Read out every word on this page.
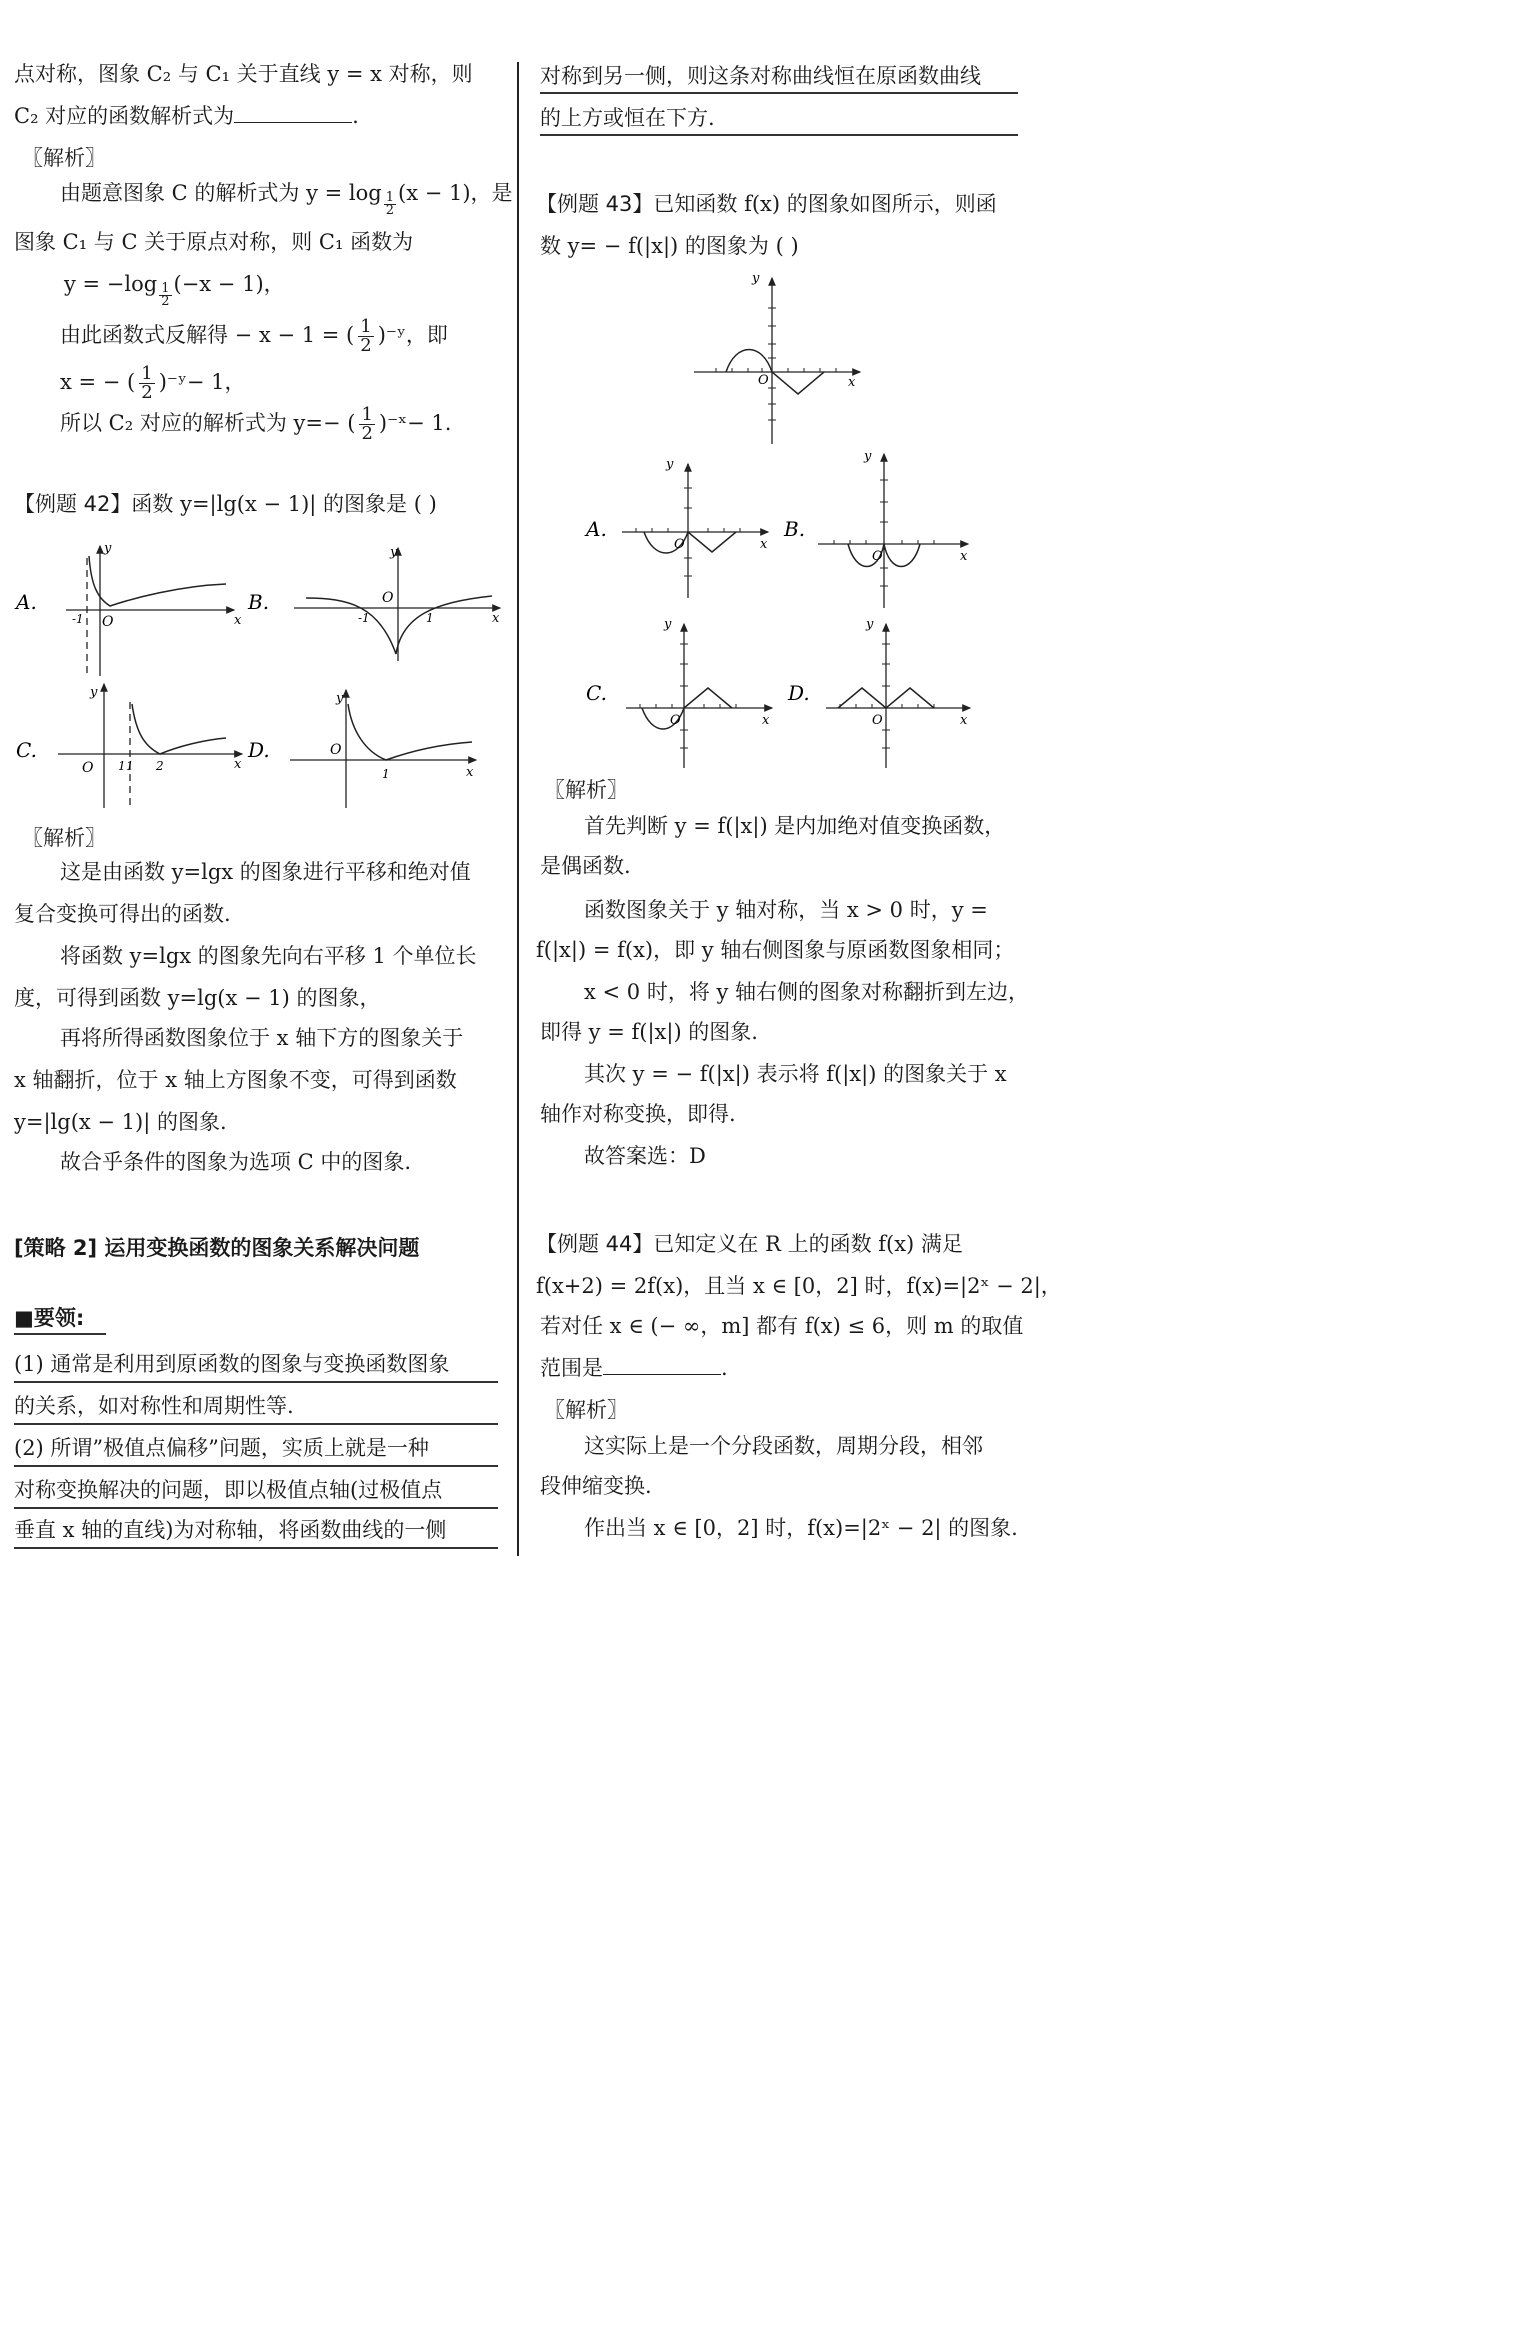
点对称，图象 C₂ 与 C₁ 关于直线 y = x 对称，则
C₂ 对应的函数解析式为	.
〖解析〗
由题意图象 C 的解析式为 $y = \log \frac{1}{2} (x - 1)$，是
图象 C₁ 与 C 关于原点对称，则 C₁ 函数为
$y = -\log \frac{1}{2} (-x - 1)$，
由此函数式反解得 − x − 1 = ( $\frac{1}{2}$ )⁻ʸ，即
x = − ( $\frac{1}{2}$ )⁻ʸ− 1，
所以 C₂ 对应的解析式为 y=− ( $\frac{1}{2}$ )⁻ˣ− 1.
【例题 42】函数 y=|lg(x − 1)| 的图象是 ( )
A.
y
x
O
-1
B.
y
x
O
-1	1
C.
y
x
O 1 1 2
D.
y
x
O
1
〖解析〗
这是由函数 y=lgx 的图象进行平移和绝对值
复合变换可得出的函数.
将函数 y=lgx 的图象先向右平移 1 个单位长
度，可得到函数 y=lg(x − 1) 的图象，
再将所得函数图象位于 x 轴下方的图象关于
x 轴翻折，位于 x 轴上方图象不变，可得到函数
y=|lg(x − 1)| 的图象.
故合乎条件的图象为选项 C 中的图象.
[策略 2] 运用变换函数的图象关系解决问题
■要领:
(1) 通常是利用到原函数的图象与变换函数图象
的关系，如对称性和周期性等.
(2) 所谓”极值点偏移”问题，实质上就是一种
对称变换解决的问题，即以极值点轴(过极值点
垂直 x 轴的直线)为对称轴，将函数曲线的一侧
对称到另一侧，则这条对称曲线恒在原函数曲线
的上方或恒在下方.
【例题 43】已知函数 f(x) 的图象如图所示，则函
数 y= − f(|x|) 的图象为 ( )
y
x
O
A.
y
x
O
B.
y
x
O
C.
y
x
O
D.
y
x
O
〖解析〗
首先判断 y = f(|x|) 是内加绝对值变换函数，
是偶函数.
函数图象关于 y 轴对称，当 x > 0 时，y =
f(|x|) = f(x)，即 y 轴右侧图象与原函数图象相同；
x < 0 时，将 y 轴右侧的图象对称翻折到左边，
即得 y = f(|x|) 的图象.
其次 y = − f(|x|) 表示将 f(|x|) 的图象关于 x
轴作对称变换，即得.
故答案选：D
【例题 44】已知定义在 R 上的函数 f(x) 满足
f(x+2) = 2f(x)，且当 x ∈ [0，2] 时，f(x)=|2ˣ − 2|，
若对任 x ∈ (− ∞，m] 都有 f(x) ≤ 6，则 m 的取值
范围是	.
〖解析〗
这实际上是一个分段函数，周期分段，相邻
段伸缩变换.
作出当 x ∈ [0，2] 时，f(x)=|2ˣ − 2| 的图象.
